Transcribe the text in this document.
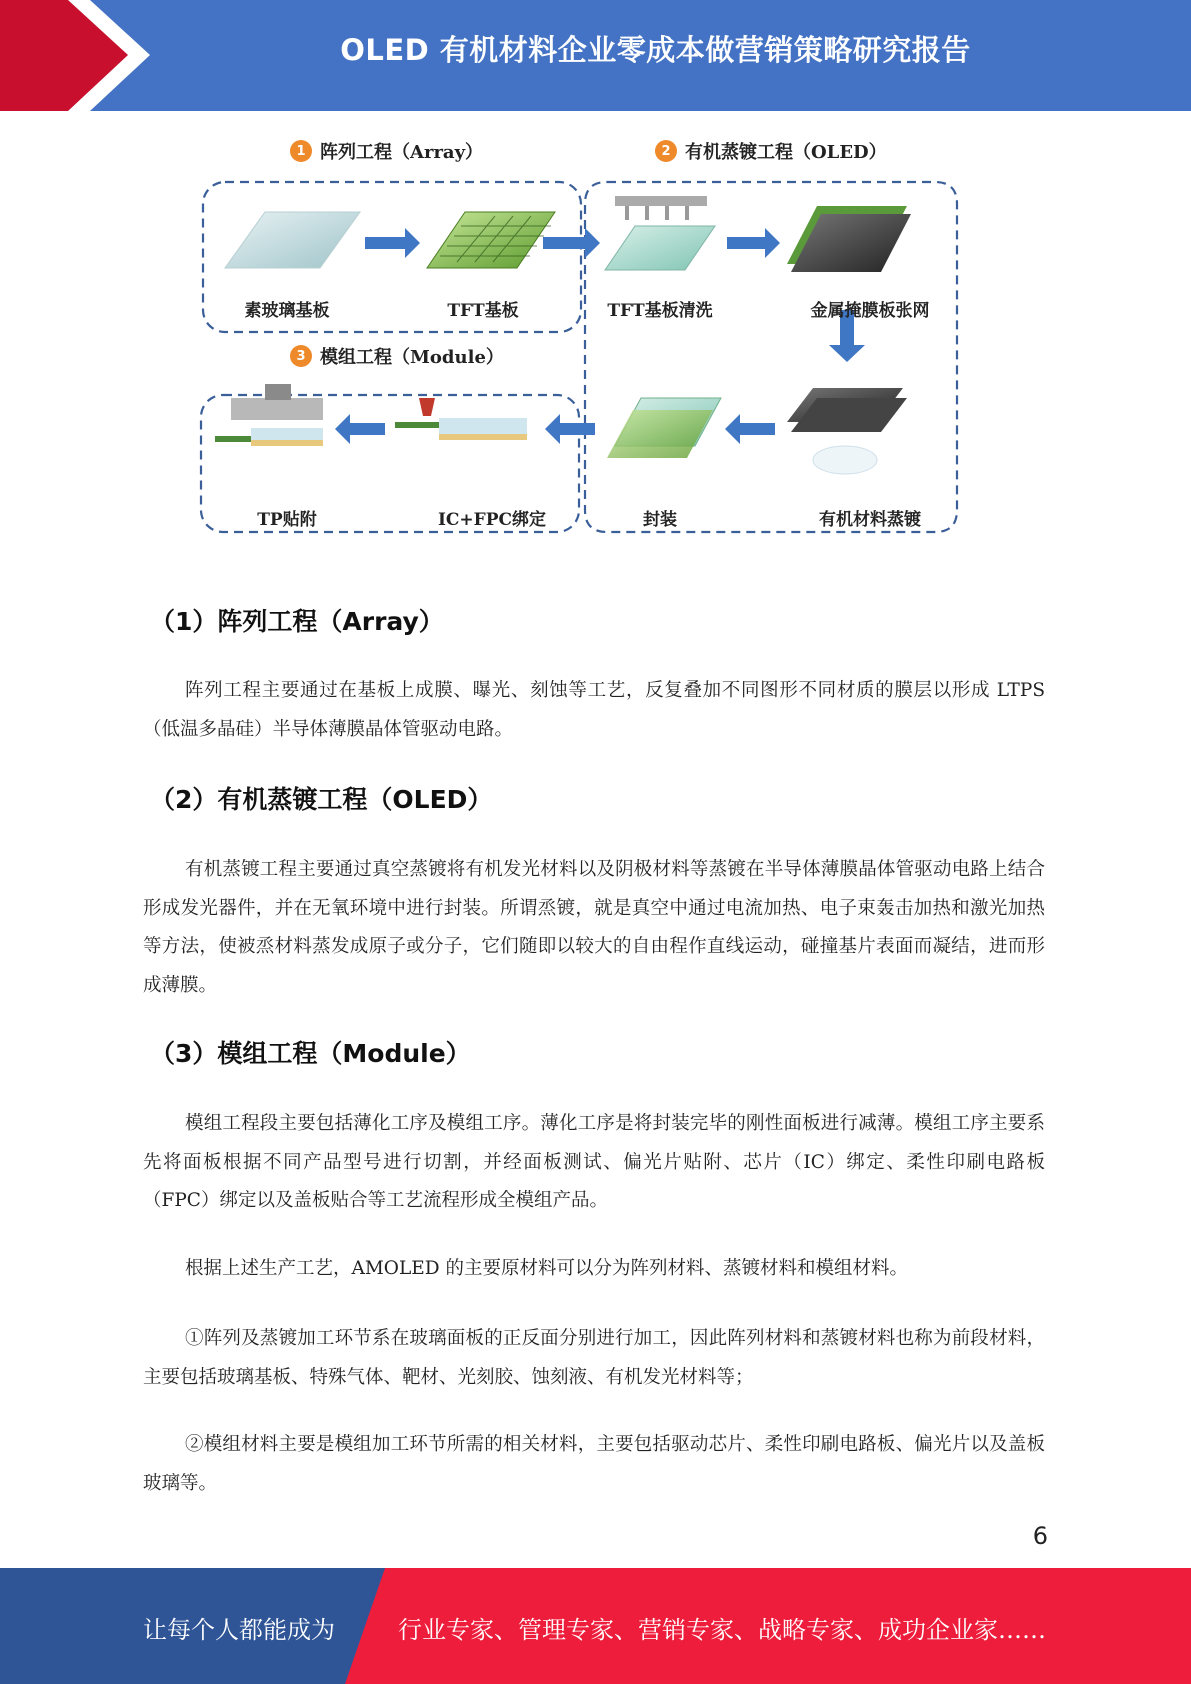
OLED 有机材料企业零成本做营销策略研究报告
1 阵列工程（Array）	2 有机蒸镀工程（OLED）
3 模组工程（Module）
素玻璃基板	TFT基板	TFT基板清洗	金属掩膜板张网
有机材料蒸镀
封装
IC+FPC绑定
TP贴附
（1）阵列工程（Array）

阵列工程主要通过在基板上成膜、曝光、刻蚀等工艺，反复叠加不同图形不同材质的膜层以形成 LTPS（低温多晶硅）半导体薄膜晶体管驱动电路。

（2）有机蒸镀工程（OLED）

有机蒸镀工程主要通过真空蒸镀将有机发光材料以及阴极材料等蒸镀在半导体薄膜晶体管驱动电路上结合形成发光器件，并在无氧环境中进行封装。所谓烝镀，就是真空中通过电流加热、电子束轰击加热和激光加热等方法，使被烝材料蒸发成原子或分子，它们随即以较大的自由程作直线运动，碰撞基片表面而凝结，进而形成薄膜。

（3）模组工程（Module）

模组工程段主要包括薄化工序及模组工序。薄化工序是将封装完毕的刚性面板进行减薄。模组工序主要系先将面板根据不同产品型号进行切割，并经面板测试、偏光片贴附、芯片（IC）绑定、柔性印刷电路板（FPC）绑定以及盖板贴合等工艺流程形成全模组产品。

根据上述生产工艺，AMOLED 的主要原材料可以分为阵列材料、蒸镀材料和模组材料。

①阵列及蒸镀加工环节系在玻璃面板的正反面分别进行加工，因此阵列材料和蒸镀材料也称为前段材料，主要包括玻璃基板、特殊气体、靶材、光刻胶、蚀刻液、有机发光材料等；

②模组材料主要是模组加工环节所需的相关材料，主要包括驱动芯片、柔性印刷电路板、偏光片以及盖板玻璃等。

6
让每个人都能成为	行业专家、管理专家、营销专家、战略专家、成功企业家……
